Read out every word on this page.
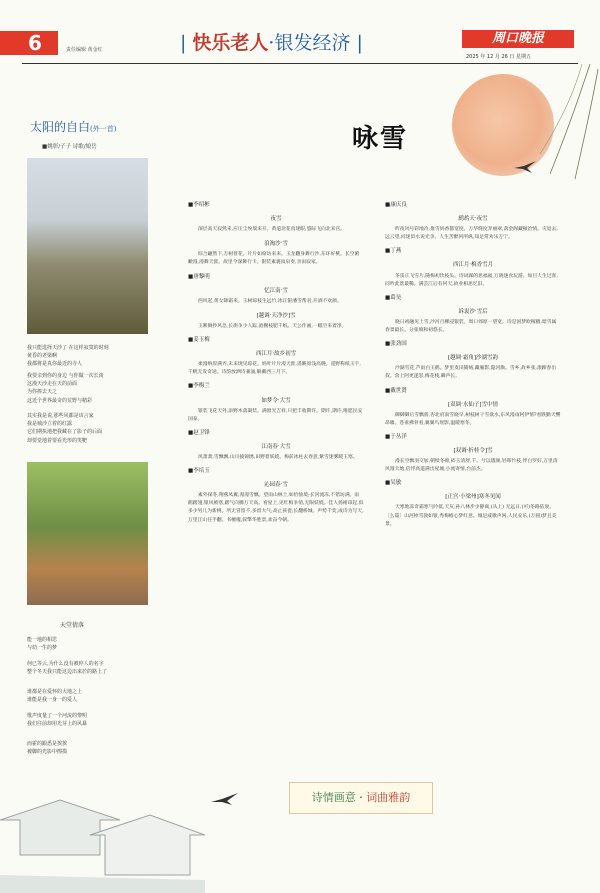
6	责任编辑 黄金红	| 快乐老人·银发经济 |	周口晚报
2025 年 12 月 26 日 星期五
太阳的自白(外一首)
■姚彰/子子 诗歌/娘岳
我只能选择天沙了 在这样寂寞的时刻
黄昏的老梁啊
我都将是真你最近的寺人
我要亲到你的身边 与你做一次长谈
这漫天沙走在天的前面
为你捧去天之
这近个世界最奇的荒野与精彩
其实我是说,那些风都是该言家
我是城沙立着的红露
它们期执地把我藏在了影子的后面
却要觉地着要看光形的笑靶
天堂倩落
能一地的相思
与幼一生的梦
何已等云,为什么没有被停人的名字
整个冬天我只能这边出来於的路上了
谁都是在爱怀的大地之上
谁能是我一身一的爱人
歌声度量了一个河流的黎明
我们往前却用光芽上的风暴
而霍的跟悉是挨挨
被脚的光影中擦摸
咏雪
■李绍彬
夜雪
深层高天寂然来,应压尘埃瑞来开。黄道北花真迷眼,悠际飞向北来宫。
浪淘沙·雪
综合翩然下,万树普花。片片如席坊来来。玉龙翻身舞行沙,东环好桃。长空俯瞰漫,漫舞天涯。故里今深舞行卡。银装素裹顶泉奏,亲雨寂家。
■唐黎明
忆江南·雪
西风起,黄女降霜来。玉树琼枝生远竹,冰江银潘雪帮君,开酒不欢颜。
[越调·天净沙]雪
玉絮舞抄风急,长街争少人踪,庭榭枝肥千纸。天公作画,一幅空来着净。
■姜玉梅
西江月·故乡初雪
柔漫纳厚满弄,未来现见琼花。妈叶片片漫天涯,遥眺原浅高晚。遥野称纸玉宇,千帆无发奇途。诗韵放洒诗兼涌,解戴西三月下。
■李梅兰
如梦令·大雪
银装飞花天外,添野木落凝装。满窗光吉祥,只把丰收期许。期许,期许,唯愿民安国泰。
■赵卫锋
江南春·大雪
风萧萧,雪飘飘,山川披锦绣,田野着妖娆。梅前冰柱去春意,紫雪迷雾暖玉寒。
■李培玉
沁园春·雪
素外探冬,翔燕凤翼,漫漫雪飘。望雨山林土,如恰仙境;长河流冻,不错坊满。雨鹤踏翅,银风被寒,踏气向腾万天高。看屋上,见红梅争俏,无限妖娆。佳人扬裙昂起,似多少男儿为新桃。所无冒留不,多留大气;高止孩瓷,长翻桥城。声势千奕,成诗为写天,万里江山任手翻。书檀嘎,叙擎华胜景,欢奋今朝。
■康庆良
鹧鸪天·夜雪
昨夜风号彩地冷,推雪妈香都宽度。万华缝度奔丽翠,落金阁藏顿治情。灾退去,远云望,同迷似水说光争。人生苦醉何所纵,知足常劝乐万宁。
■丁燕
西江月·梅香雪月
冬雷正飞雪片,随梅初饮枝头。诗词踩的思福福,万晓速食玩游。如目人生过客,同吟此景最稀。满芸江后有何天,故业相思忆旧。
■葛昊
诉衷沙·雪后
晓日初融见上雪,沙河百柳浸银装。周口郊原一望宽。诗是国梦欧稼穑,暗雪属春景最长。分张嗔和初悠长。
■张劲国
[越调·霜角]沙湖雪韵
沙湖雪花,芦雨白玉鹤。梦里麦田铺绒,藏雁影,隐河澌。雪乡,故乡张,滚蹄春出叔。余上阿更遂怒,梅花栈,瞬声长。
■戴世贤
[双调·水仙子]雪中情
御御御后雪飘骄,杏北府南雪晓早,树枝树干雪欲水,东风漫雨阿伊情?看跌勤天響昂啸。苍垂拂骨看,翼翼鸟瑶影,温暖寒冬。
■于丛洋
[双调·折桂令]雪
漫长空飘羽交加,朝犊冬绵,碎玉清舒,千。兮以墙颜,轻叩竹枝,伴白罗好,万里清风漫大地,倍浮高道满出屋城,小流寄情,台前杰。
■吴敏
[正宫·小梁州]寒冬见闻
天寒地冻奇霜寒气吟低,天灰,孙八林步少静离,(从上) 无远日,(可)冬路依衰。〔么篇〕山河掉雪敦如银,秀梅檐心梦红意。城足咸歌声闲,人民安乐,(万圆)梦且美景。
诗情画意 · 词曲雅韵
